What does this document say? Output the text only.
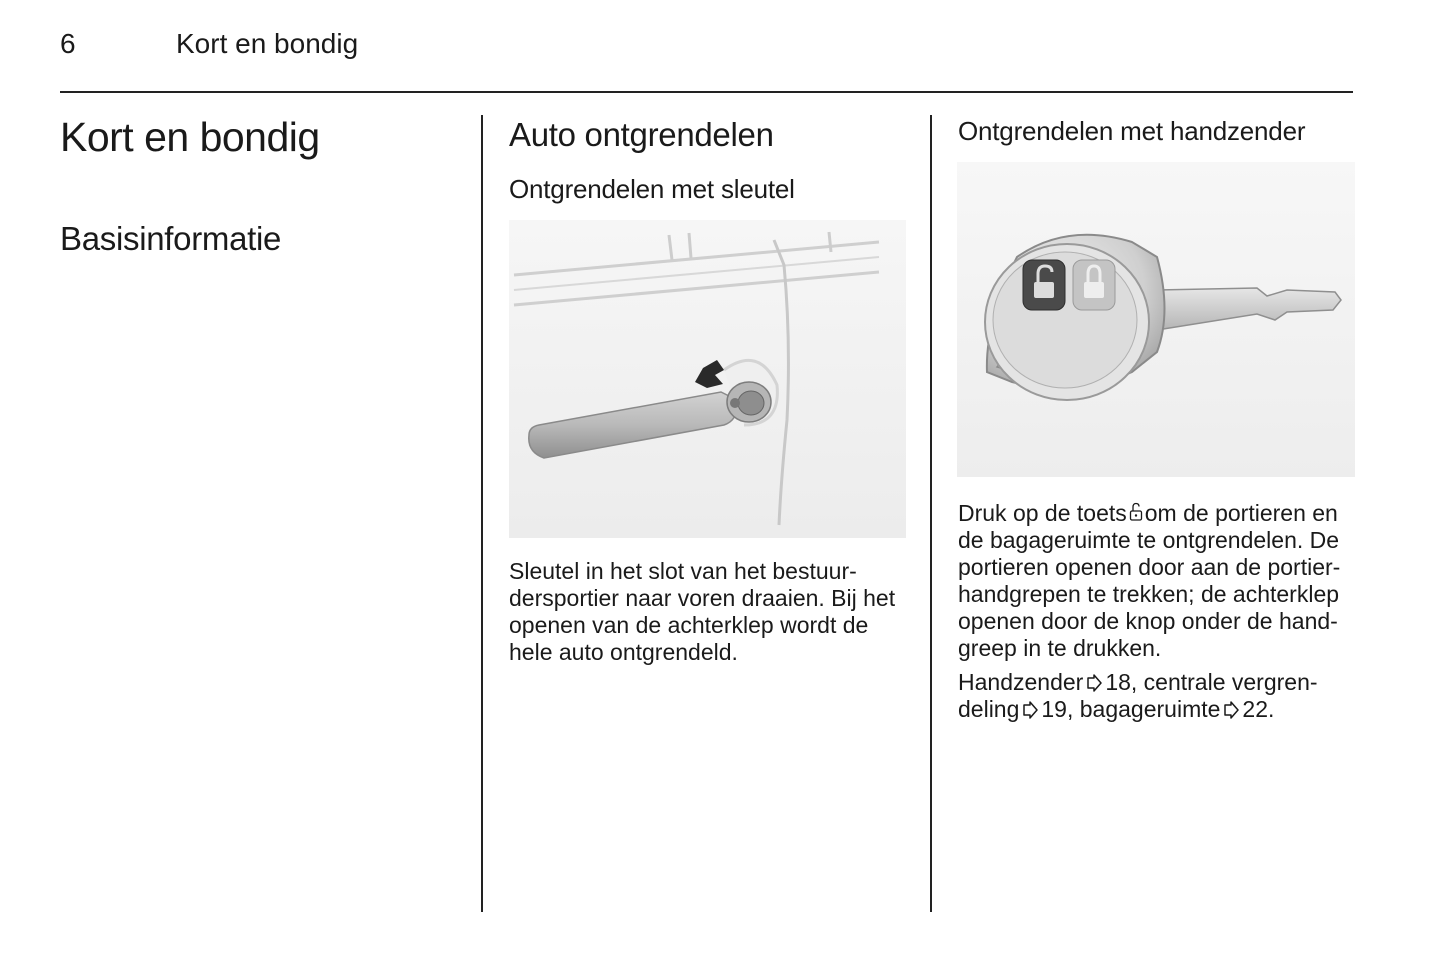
6	Kort en bondig
Kort en bondig
Basisinformatie
Auto ontgrendelen
Ontgrendelen met sleutel

Sleutel in het slot van het bestuur-
dersportier naar voren draaien. Bij het
openen van de achterklep wordt de
hele auto ontgrendeld.

Ontgrendelen met handzender

Druk op de toets om de portieren en
de bagageruimte te ontgrendelen. De
portieren openen door aan de portier-
handgrepen te trekken; de achterklep
openen door de knop onder de hand-
greep in te drukken.

Handzender 18, centrale vergren-
deling 19, bagageruimte 22.
